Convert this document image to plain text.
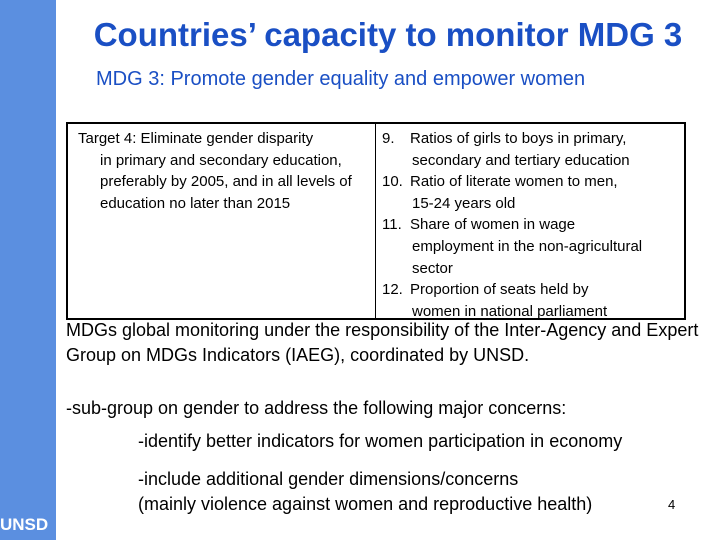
UNSD
Countries’ capacity to monitor MDG 3
MDG 3: Promote gender equality and empower women
Target 4: Eliminate gender disparity
in primary and secondary education, preferably by 2005, and in all levels of education no later than 2015
9. Ratios of girls to boys in primary,
secondary and tertiary education
10. Ratio of literate women to men,
15-24 years old
11. Share of women in wage
employment in the non-agricultural sector
12. Proportion of seats held by
women in national parliament
MDGs global monitoring under the responsibility of the Inter-Agency and Expert Group on MDGs Indicators (IAEG), coordinated by UNSD.
-sub-group on gender to address the following major concerns:
-identify better indicators for women participation in economy
-include additional gender dimensions/concerns
(mainly violence against women and reproductive health)	4
